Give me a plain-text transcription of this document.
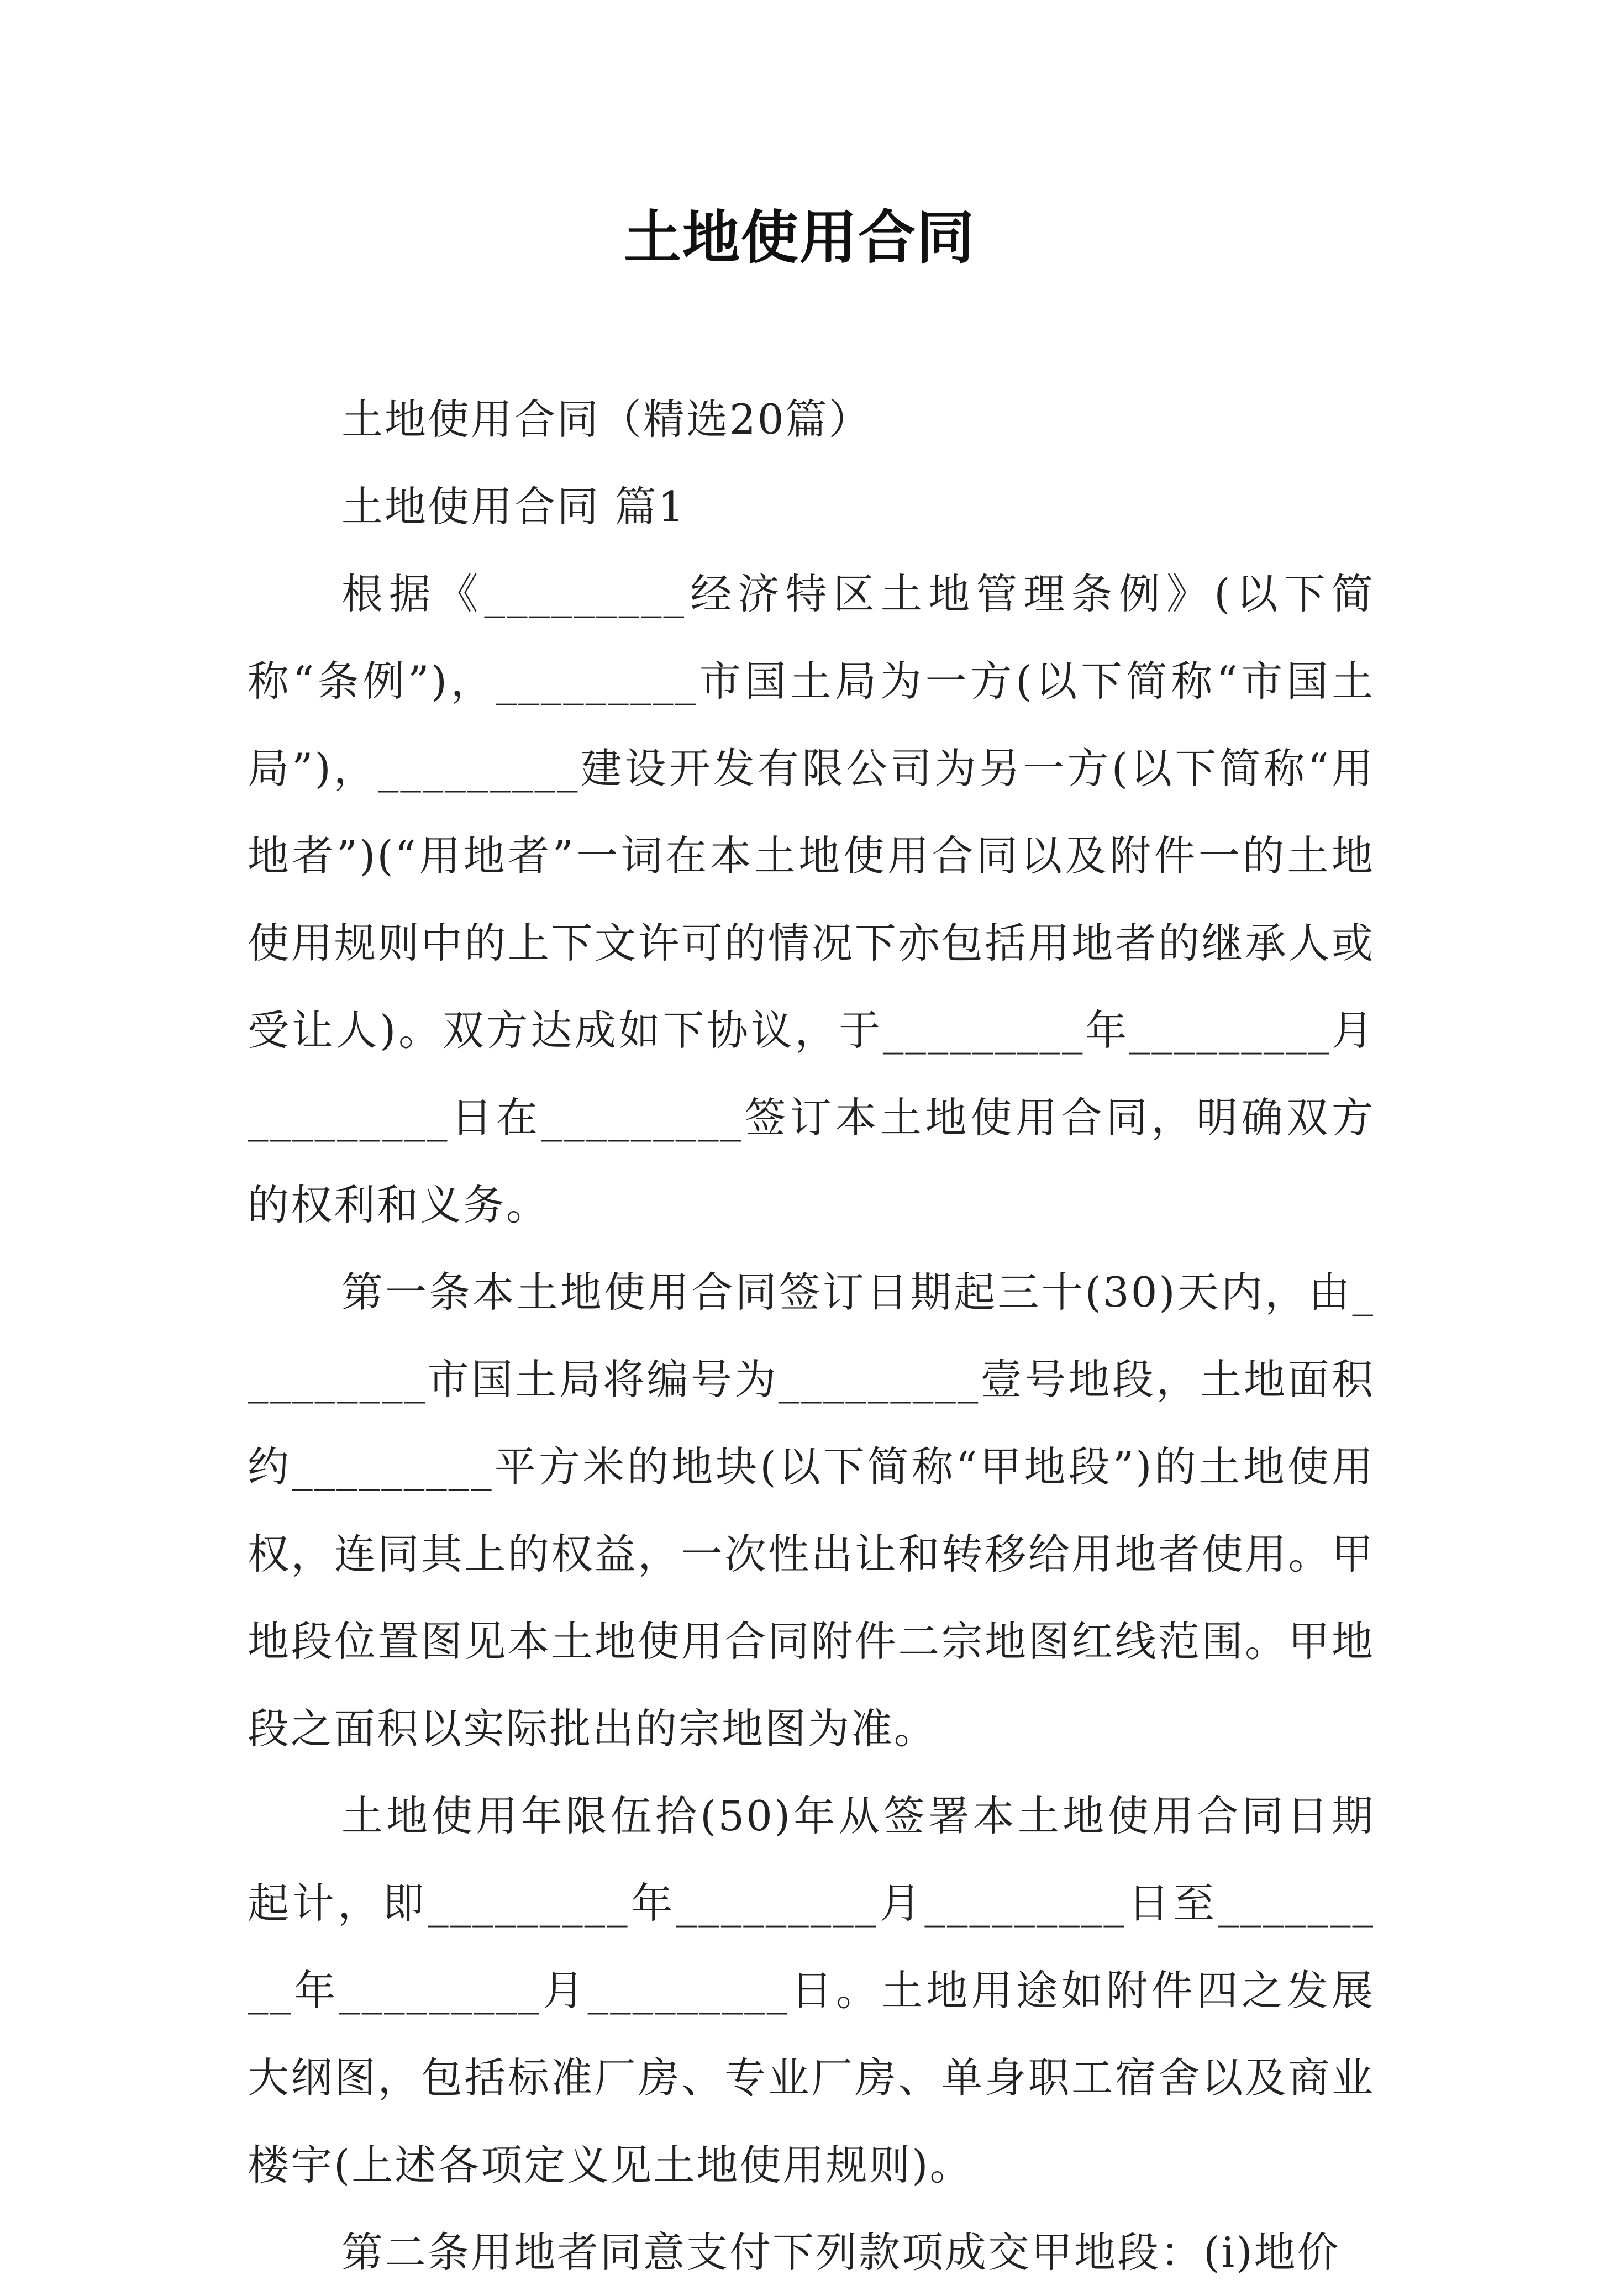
土地使用合同

土地使用合同（精选20篇）

土地使用合同 篇1

根据《_________经济特区土地管理条例》(以下简称“条例”)，_________市国土局为一方(以下简称“市国土局”)，_________建设开发有限公司为另一方(以下简称“用地者”)(“用地者”一词在本土地使用合同以及附件一的土地使用规则中的上下文许可的情况下亦包括用地者的继承人或受让人)。双方达成如下协议，于_________年_________月_________日在_________签订本土地使用合同，明确双方的权利和义务。

第一条本土地使用合同签订日期起三十(30)天内，由_________市国土局将编号为_________壹号地段，土地面积约_________平方米的地块(以下简称“甲地段”)的土地使用权，连同其上的权益，一次性出让和转移给用地者使用。甲地段位置图见本土地使用合同附件二宗地图红线范围。甲地段之面积以实际批出的宗地图为准。

土地使用年限伍拾(50)年从签署本土地使用合同日期起计，即_________年_________月_________日至_________年_________月_________日。土地用途如附件四之发展大纲图，包括标准厂房、专业厂房、单身职工宿舍以及商业楼宇(上述各项定义见土地使用规则)。

第二条用地者同意支付下列款项成交甲地段：(i)地价
